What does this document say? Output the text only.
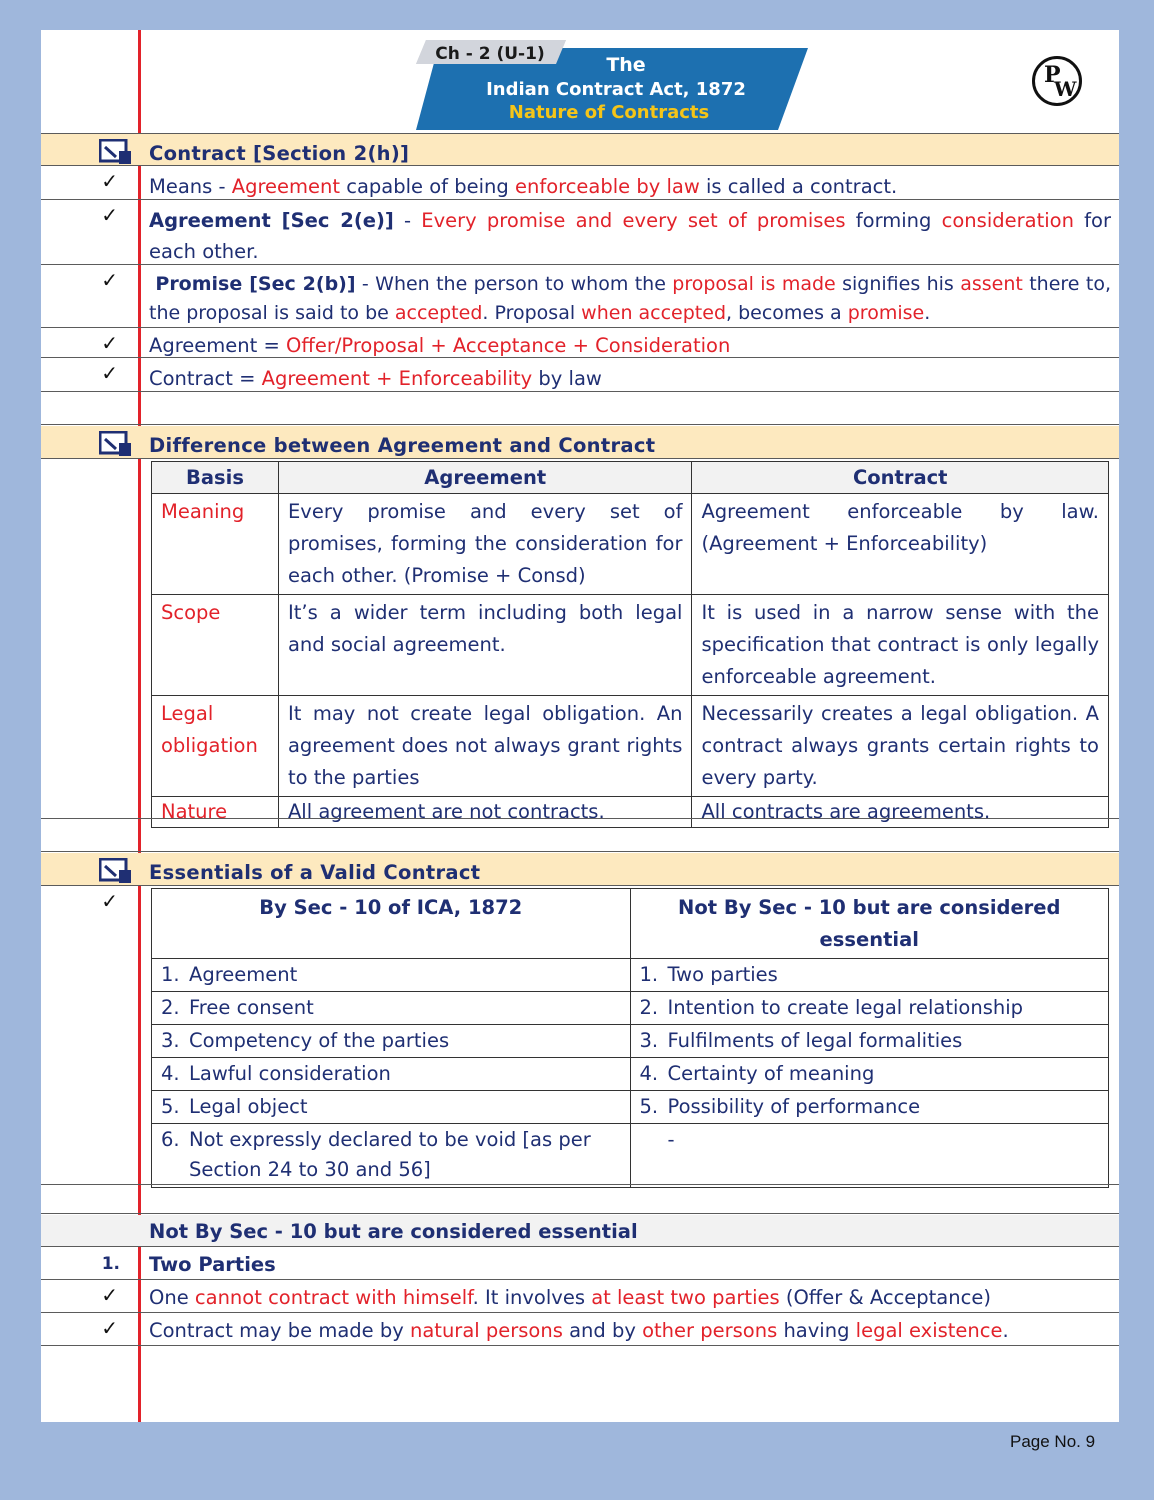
Ch - 2 (U-1)	The
Indian Contract Act, 1872
Nature of Contracts
P
W
Contract [Section 2(h)]
✓ Means - Agreement capable of being enforceable by law is called a contract.
✓ Agreement [Sec 2(e)] - Every promise and every set of promises forming consideration for each other.
✓	Promise [Sec 2(b)] - When the person to whom the proposal is made signifies his assent there to, the proposal is said to be accepted. Proposal when accepted, becomes a promise.
✓ Agreement = Offer/Proposal + Acceptance + Consideration
✓ Contract = Agreement + Enforceability by law
Difference between Agreement and Contract
Basis	Agreement	Contract
Meaning	Every promise and every set of promises, forming the consideration for each other. (Promise + Consd)	Agreement enforceable by law. (Agreement + Enforceability)
Scope	It’s a wider term including both legal and social agreement.	It is used in a narrow sense with the specification that contract is only legally enforceable agreement.
Legal obligation	It may not create legal obligation. An agreement does not always grant rights to the parties	Necessarily creates a legal obligation. A contract always grants certain rights to every party.
Nature	All agreement are not contracts.	All contracts are agreements.
Essentials of a Valid Contract
✓	By Sec - 10 of ICA, 1872	Not By Sec - 10 but are considered essential

1. Agreement	1. Two parties

2. Free consent	2. Intention to create legal relationship

3. Competency of the parties	3. Fulfilments of legal formalities

4. Lawful consideration	4. Certainty of meaning

5. Legal object	5. Possibility of performance

6. Not expressly declared to be void [as per Section 24 to 30 and 56]	-
Not By Sec - 10 but are considered essential
1. Two Parties
✓ One cannot contract with himself. It involves at least two parties (Offer & Acceptance)
✓ Contract may be made by natural persons and by other persons having legal existence.
Page No. 9
